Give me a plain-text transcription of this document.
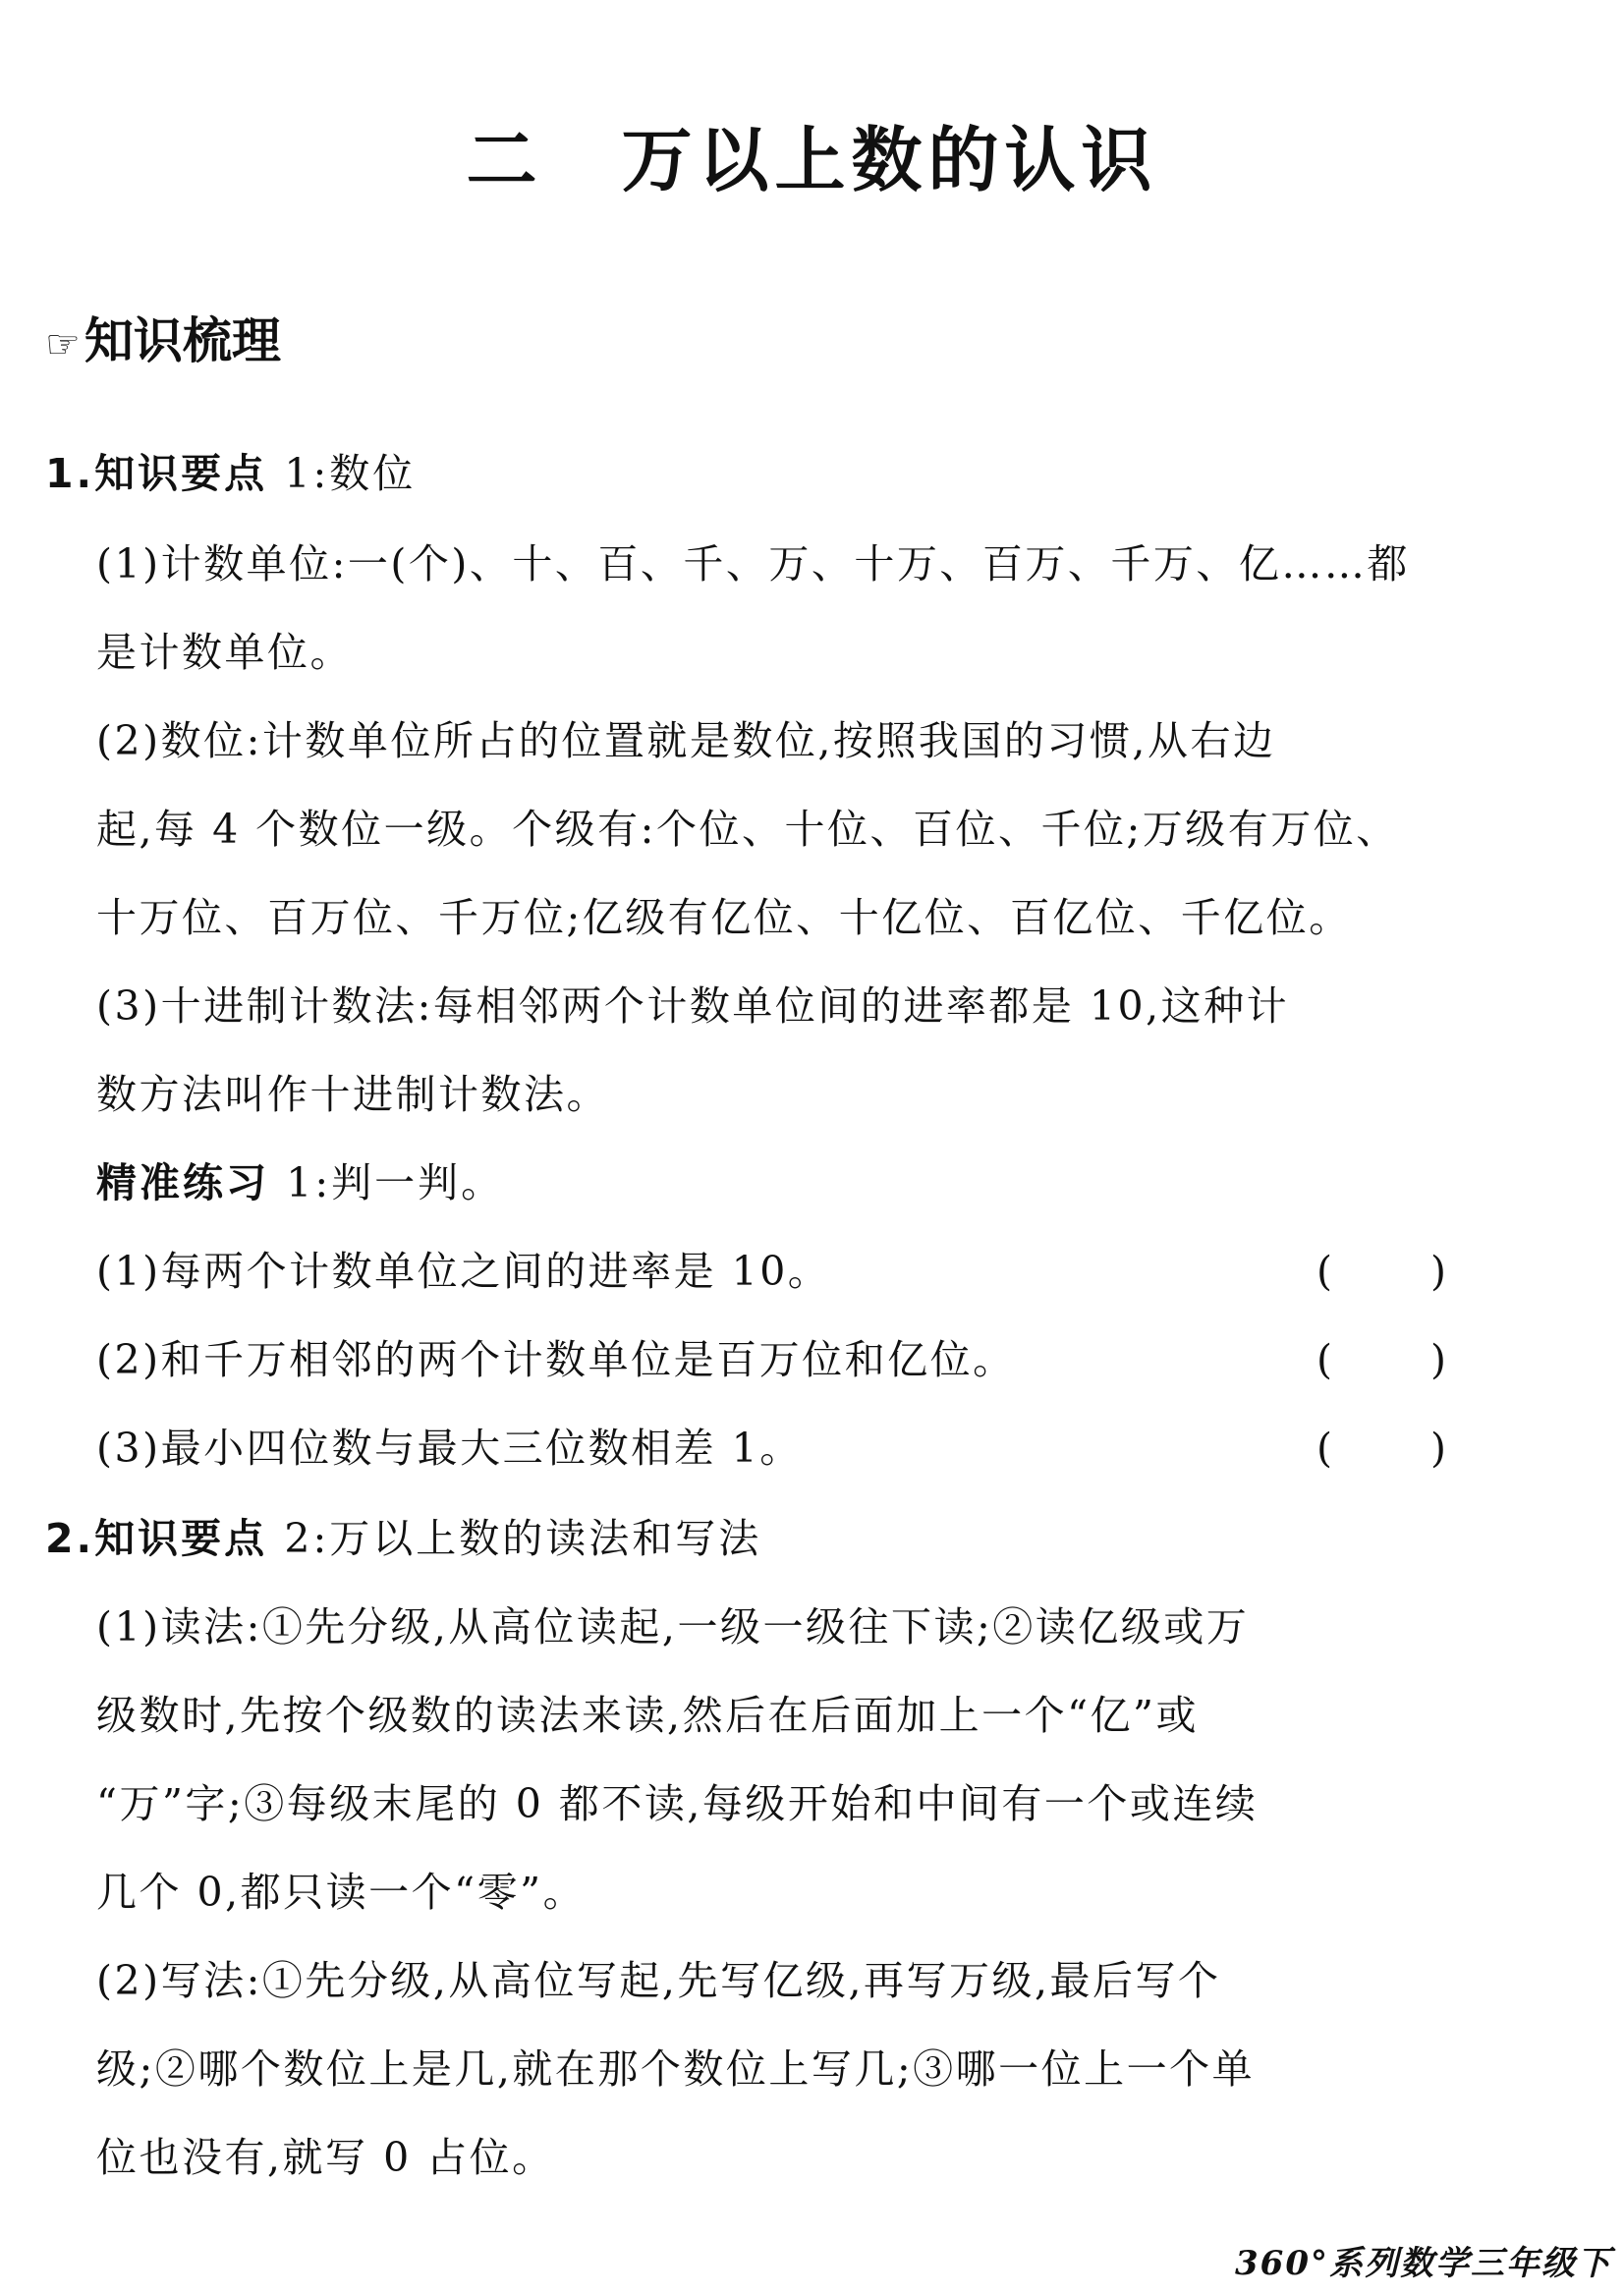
二 万以上数的认识
☞知识梳理
1.知识要点 1:数位
(1)计数单位:一(个)、十、百、千、万、十万、百万、千万、亿……都
是计数单位。
(2)数位:计数单位所占的位置就是数位,按照我国的习惯,从右边
起,每 4 个数位一级。个级有:个位、十位、百位、千位;万级有万位、
十万位、百万位、千万位;亿级有亿位、十亿位、百亿位、千亿位。
(3)十进制计数法:每相邻两个计数单位间的进率都是 10,这种计
数方法叫作十进制计数法。
精准练习 1:判一判。
(1)每两个计数单位之间的进率是 10。	( )
(2)和千万相邻的两个计数单位是百万位和亿位。	( )
(3)最小四位数与最大三位数相差 1。	( )
2.知识要点 2:万以上数的读法和写法
(1)读法:①先分级,从高位读起,一级一级往下读;②读亿级或万
级数时,先按个级数的读法来读,然后在后面加上一个“亿”或
“万”字;③每级末尾的 0 都不读,每级开始和中间有一个或连续
几个 0,都只读一个“零”。
(2)写法:①先分级,从高位写起,先写亿级,再写万级,最后写个
级;②哪个数位上是几,就在那个数位上写几;③哪一位上一个单
位也没有,就写 0 占位。
360°系列数学三年级下
